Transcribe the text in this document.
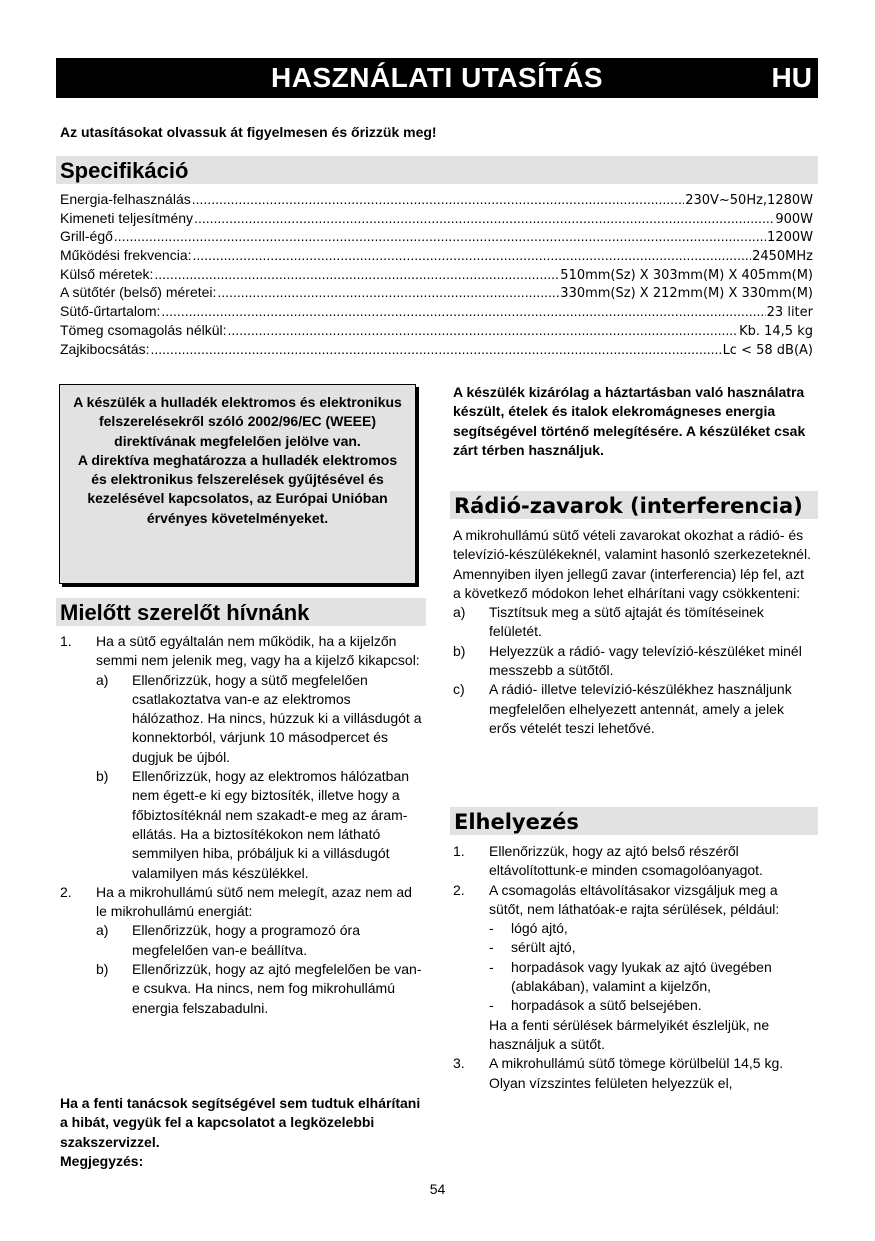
HASZNÁLATI UTASÍTÁS	HU
Az utasításokat olvassuk át figyelmesen és őrizzük meg!
Specifikáció
Energia-felhasználás .....	230V~50Hz,1280W
Kimeneti teljesítmény .....	900W
Grill-égő .....	1200W
Működési frekvencia: .....	2450MHz
Külső méretek: .....	510mm(Sz) X 303mm(M) X 405mm(M)
A sütőtér (belső) méretei: .....	330mm(Sz) X 212mm(M) X 330mm(M)
Sütő-űrtartalom: .....	23 liter
Tömeg csomagolás nélkül: .....	Kb. 14,5 kg
Zajkibocsátás: .....	Lc < 58 dB(A)
A készülék a hulladék elektromos és elektronikus felszerelésekről szóló 2002/96/EC (WEEE) direktívának megfelelően jelölve van.
A direktíva meghatározza a hulladék elektromos és elektronikus felszerelések gyűjtésével és kezelésével kapcsolatos, az Európai Unióban érvényes követelményeket.
Mielőtt szerelőt hívnánk
1.	Ha a sütő egyáltalán nem működik, ha a kijelzőn semmi nem jelenik meg, vagy ha a kijelző kikapcsol:
a)	Ellenőrizzük, hogy a sütő megfelelően csatlakoztatva van-e az elektromos hálózathoz. Ha nincs, húzzuk ki a villásdugót a konnektorból, várjunk 10 másodpercet és dugjuk be újból.
b)	Ellenőrizzük, hogy az elektromos hálózatban nem égett-e ki egy biztosíték, illetve hogy a főbiztosítéknál nem szakadt-e meg az áram-ellátás. Ha a biztosítékokon nem látható semmilyen hiba, próbáljuk ki a villásdugót valamilyen más készülékkel.
2.	Ha a mikrohullámú sütő nem melegít, azaz nem ad le mikrohullámú energiát:
a)	Ellenőrizzük, hogy a programozó óra megfelelően van-e beállítva.
b)	Ellenőrizzük, hogy az ajtó megfelelően be van-e csukva. Ha nincs, nem fog mikrohullámú energia felszabadulni.
Ha a fenti tanácsok segítségével sem tudtuk elhárítani a hibát, vegyük fel a kapcsolatot a legközelebbi szakszervizzel.
Megjegyzés:
A készülék kizárólag a háztartásban való használatra készült, ételek és italok elekromágneses energia segítségével történő melegítésére. A készüléket csak zárt térben használjuk.
Rádió-zavarok (interferencia)
A mikrohullámú sütő vételi zavarokat okozhat a rádió- és televízió-készülékeknél, valamint hasonló szerkezeteknél. Amennyiben ilyen jellegű zavar (interferencia) lép fel, azt a következő módokon lehet elhárítani vagy csökkenteni:
a)	Tisztítsuk meg a sütő ajtaját és tömítéseinek felületét.
b)	Helyezzük a rádió- vagy televízió-készüléket minél messzebb a sütőtől.
c)	A rádió- illetve televízió-készülékhez használjunk megfelelően elhelyezett antennát, amely a jelek erős vételét teszi lehetővé.
Elhelyezés
1.	Ellenőrizzük, hogy az ajtó belső részéről eltávolítottunk-e minden csomagolóanyagot.
2.	A csomagolás eltávolításakor vizsgáljuk meg a sütőt, nem láthatóak-e rajta sérülések, például:
-	lógó ajtó,
-	sérült ajtó,
-	horpadások vagy lyukak az ajtó üvegében (ablakában), valamint a kijelzőn,
-	horpadások a sütő belsejében.
Ha a fenti sérülések bármelyikét észleljük, ne használjuk a sütőt.
3.	A mikrohullámú sütő tömege körülbelül 14,5 kg. Olyan vízszintes felületen helyezzük el,
54
